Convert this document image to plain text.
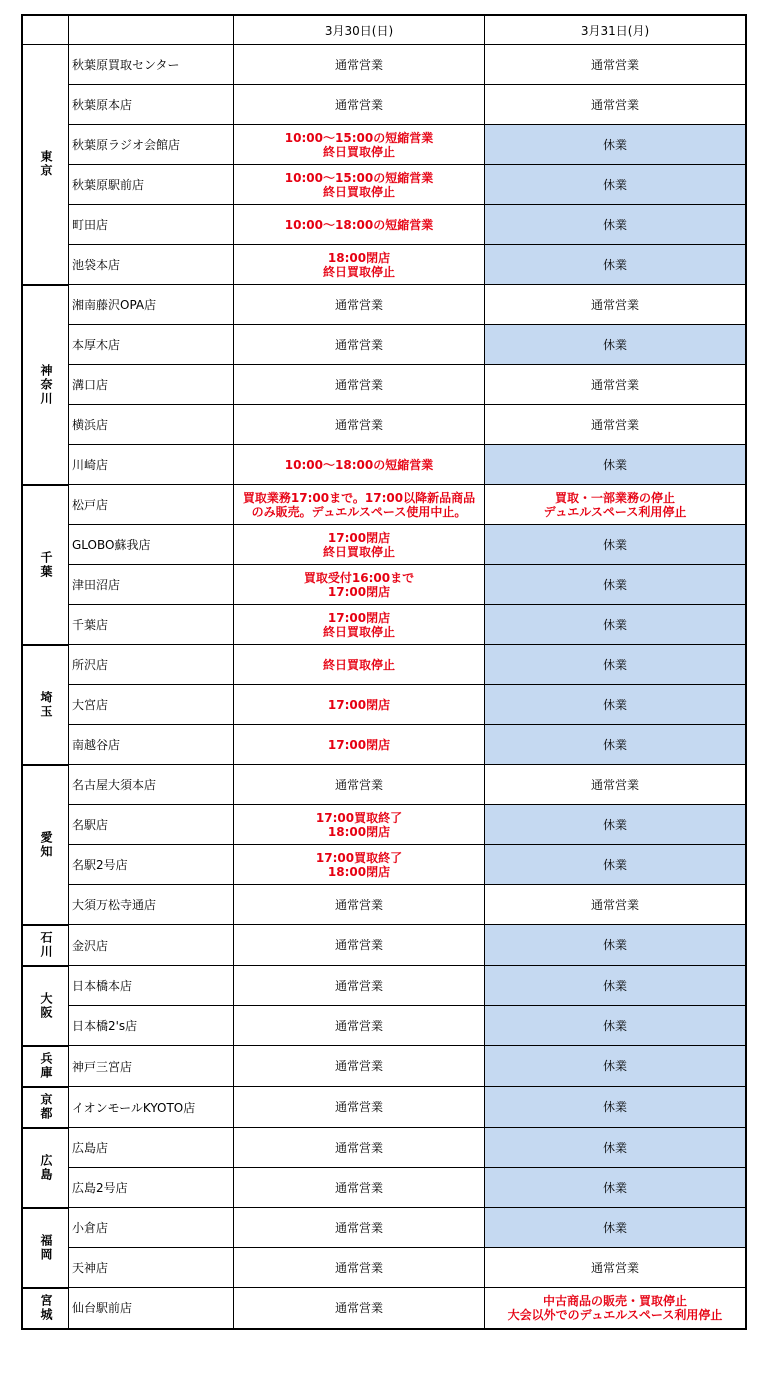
		3月30日(日)	3月31日(月)

東京	秋葉原買取センター	通常営業	通常営業

	秋葉原本店	通常営業	通常営業

	秋葉原ラジオ会館店	10:00～15:00の短縮営業
終日買取停止	休業

	秋葉原駅前店	10:00～15:00の短縮営業
終日買取停止	休業

	町田店	10:00～18:00の短縮営業	休業

	池袋本店	18:00閉店
終日買取停止	休業

神奈川	湘南藤沢OPA店	通常営業	通常営業

	本厚木店	通常営業	休業

	溝口店	通常営業	通常営業

	横浜店	通常営業	通常営業

	川崎店	10:00～18:00の短縮営業	休業

千葉	松戸店	買取業務17:00まで。17:00以降新品商品
のみ販売。デュエルスペース使用中止。	買取・一部業務の停止
デュエルスペース利用停止

	GLOBO蘇我店	17:00閉店
終日買取停止	休業

	津田沼店	買取受付16:00まで
17:00閉店	休業

	千葉店	17:00閉店
終日買取停止	休業

埼玉	所沢店	終日買取停止	休業

	大宮店	17:00閉店	休業

	南越谷店	17:00閉店	休業

愛知	名古屋大須本店	通常営業	通常営業

	名駅店	17:00買取終了
18:00閉店	休業

	名駅2号店	17:00買取終了
18:00閉店	休業

	大須万松寺通店	通常営業	通常営業

石川	金沢店	通常営業	休業

大阪	日本橋本店	通常営業	休業

	日本橋2's店	通常営業	休業

兵庫	神戸三宮店	通常営業	休業

京都	イオンモールKYOTO店	通常営業	休業

広島	広島店	通常営業	休業

	広島2号店	通常営業	休業

福岡	小倉店	通常営業	休業

	天神店	通常営業	通常営業

宮城	仙台駅前店	通常営業	中古商品の販売・買取停止
大会以外でのデュエルスペース利用停止
